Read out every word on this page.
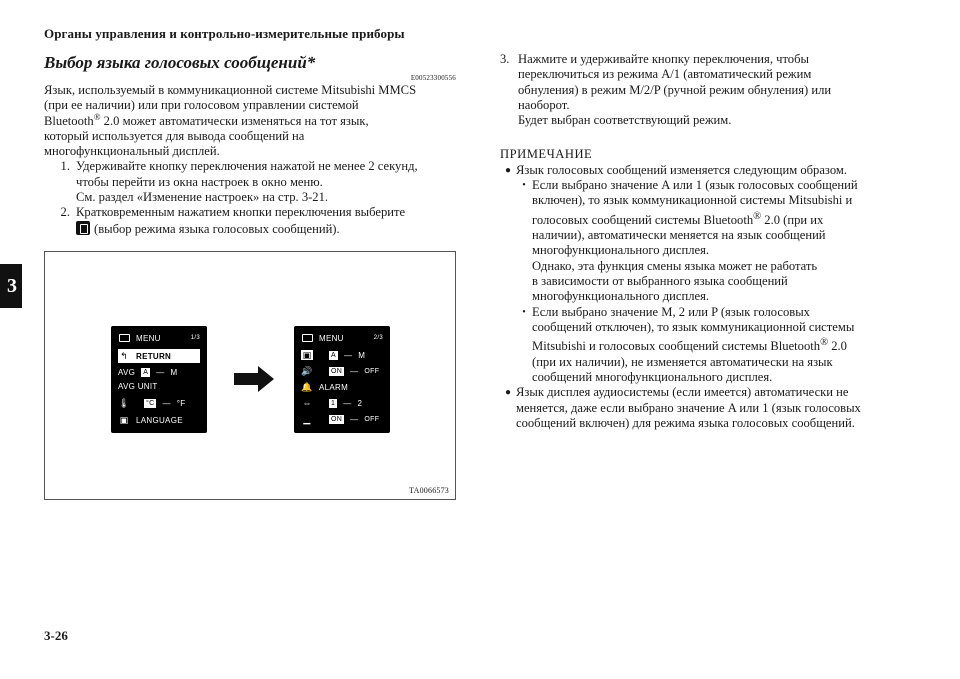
Органы управления и контрольно-измерительные приборы
3
3-26
Выбор языка голосовых сообщений*
E00523300556
Язык, используемый в коммуникационной системе Mitsubishi MMCS
(при ее наличии) или при голосовом управлении системой
Bluetooth® 2.0 может автоматически изменяться на тот язык,
который используется для вывода сообщений на
многофункциональный дисплей.
1. Удерживайте кнопку переключения нажатой не менее 2 секунд,
чтобы перейти из окна настроек в окно меню.
См. раздел «Изменение настроек» на стр. 3-21.
2. Кратковременным нажатием кнопки переключения выберите
(выбор режима языка голосовых сообщений).
MENU	1/3
↰ RETURN
AVG A — M
AVG UNIT
🌡 °C — °F
▣ LANGUAGE
MENU	2/3
▣	A — M
🔊	ON — OFF
🔔 ALARM
⇔	1 — 2
▁	ON — OFF
TA0066573
3. Нажмите и удерживайте кнопку переключения, чтобы
переключиться из режима A/1 (автоматический режим
обнуления) в режим M/2/P (ручной режим обнуления) или
наоборот.
Будет выбран соответствующий режим.
ПРИМЕЧАНИЕ
● Язык голосовых сообщений изменяется следующим образом.
• Если выбрано значение A или 1 (язык голосовых сообщений
включен), то язык коммуникационной системы Mitsubishi и
голосовых сообщений системы Bluetooth® 2.0 (при их
наличии), автоматически меняется на язык сообщений
многофункционального дисплея.
Однако, эта функция смены языка может не работать
в зависимости от выбранного языка сообщений
многофункционального дисплея.
• Если выбрано значение M, 2 или P (язык голосовых
сообщений отключен), то язык коммуникационной системы
Mitsubishi и голосовых сообщений системы Bluetooth® 2.0
(при их наличии), не изменяется автоматически на язык
сообщений многофункционального дисплея.
● Язык дисплея аудиосистемы (если имеется) автоматически не
меняется, даже если выбрано значение A или 1 (язык голосовых
сообщений включен) для режима языка голосовых сообщений.
